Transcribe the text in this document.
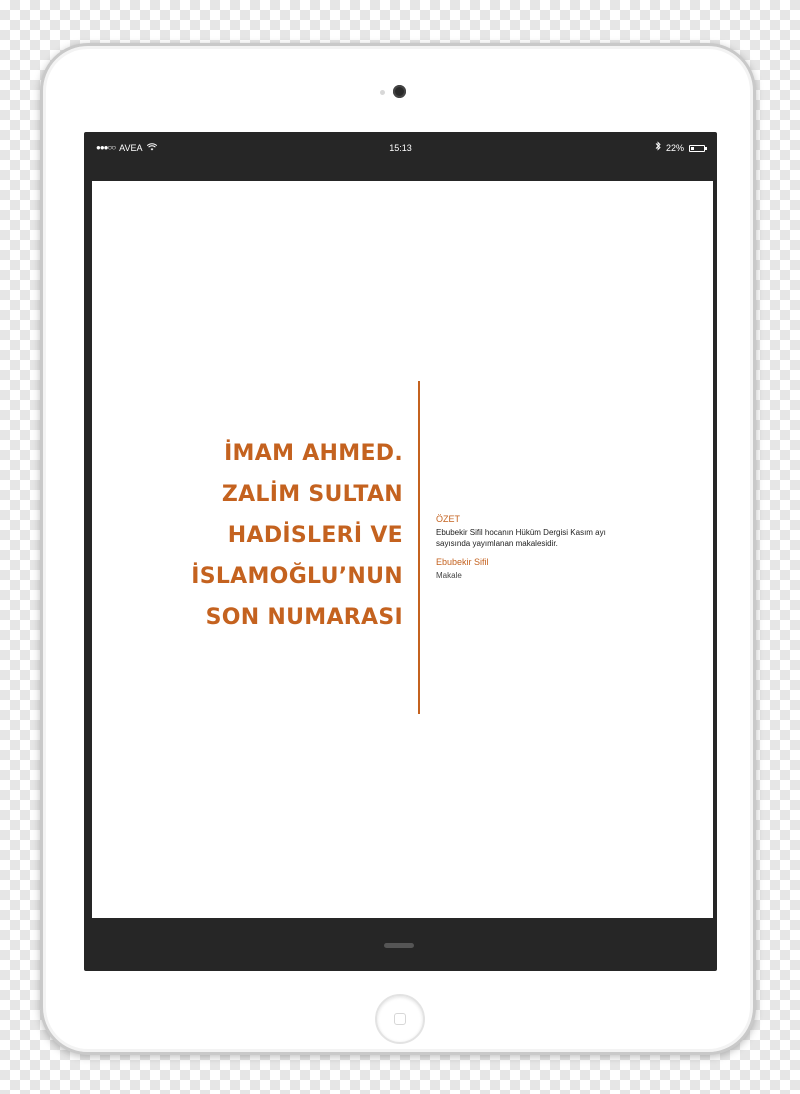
●●●○○ AVEA	15:13	22%
İMAM AHMED.
ZALİM SULTAN
HADİSLERİ VE
İSLAMOĞLU’NUN
SON NUMARASI
ÖZET
Ebubekir Sifil hocanın Hüküm Dergisi Kasım ayı
sayısında yayımlanan makalesidir.
Ebubekir Sifil
Makale
